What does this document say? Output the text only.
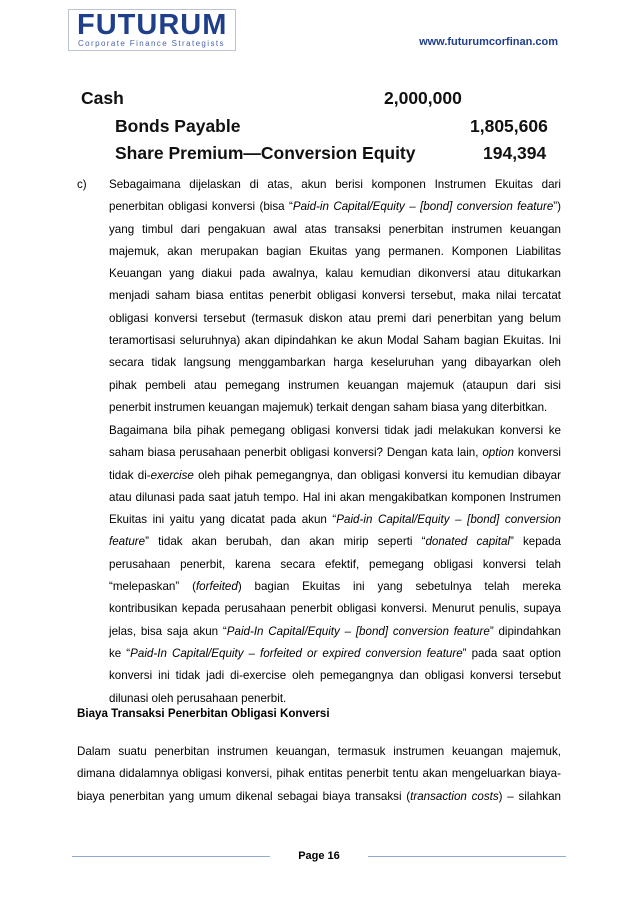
FUTURUM
Corporate Finance Strategists	www.futurumcorfinan.com
Cash	2,000,000
Bonds Payable	1,805,606
Share Premium—Conversion Equity	194,394
c) Sebagaimana dijelaskan di atas, akun berisi komponen Instrumen Ekuitas dari
penerbitan obligasi konversi (bisa “Paid-in Capital/Equity – [bond] conversion feature”)
yang timbul dari pengakuan awal atas transaksi penerbitan instrumen keuangan
majemuk, akan merupakan bagian Ekuitas yang permanen. Komponen Liabilitas
Keuangan yang diakui pada awalnya, kalau kemudian dikonversi atau ditukarkan
menjadi saham biasa entitas penerbit obligasi konversi tersebut, maka nilai tercatat
obligasi konversi tersebut (termasuk diskon atau premi dari penerbitan yang belum
teramortisasi seluruhnya) akan dipindahkan ke akun Modal Saham bagian Ekuitas. Ini
secara tidak langsung menggambarkan harga keseluruhan yang dibayarkan oleh
pihak pembeli atau pemegang instrumen keuangan majemuk (ataupun dari sisi
penerbit instrumen keuangan majemuk) terkait dengan saham biasa yang diterbitkan.
Bagaimana bila pihak pemegang obligasi konversi tidak jadi melakukan konversi ke
saham biasa perusahaan penerbit obligasi konversi? Dengan kata lain, option konversi
tidak di-exercise oleh pihak pemegangnya, dan obligasi konversi itu kemudian dibayar
atau dilunasi pada saat jatuh tempo. Hal ini akan mengakibatkan komponen Instrumen
Ekuitas ini yaitu yang dicatat pada akun “Paid-in Capital/Equity – [bond] conversion
feature” tidak akan berubah, dan akan mirip seperti “donated capital” kepada
perusahaan penerbit, karena secara efektif, pemegang obligasi konversi telah
“melepaskan” (forfeited) bagian Ekuitas ini yang sebetulnya telah mereka
kontribusikan kepada perusahaan penerbit obligasi konversi. Menurut penulis, supaya
jelas, bisa saja akun “Paid-In Capital/Equity – [bond] conversion feature” dipindahkan
ke “Paid-In Capital/Equity – forfeited or expired conversion feature” pada saat option
konversi ini tidak jadi di-exercise oleh pemegangnya dan obligasi konversi tersebut
dilunasi oleh perusahaan penerbit.
Biaya Transaksi Penerbitan Obligasi Konversi
Dalam suatu penerbitan instrumen keuangan, termasuk instrumen keuangan majemuk,
dimana didalamnya obligasi konversi, pihak entitas penerbit tentu akan mengeluarkan biaya-
biaya penerbitan yang umum dikenal sebagai biaya transaksi (transaction costs) – silahkan
Page 16
